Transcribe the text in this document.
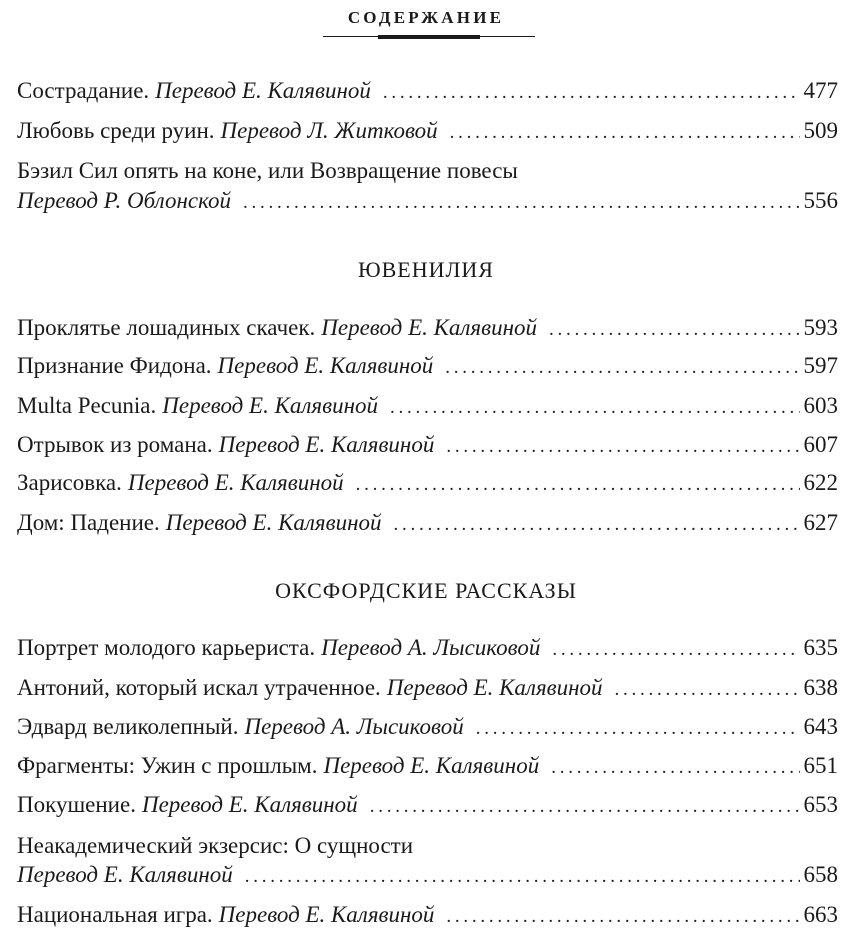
СОДЕРЖАНИЕ
Сострадание. Перевод Е. Калявиной . . .	477
Любовь среди руин. Перевод Л. Житковой . . .	509
Бэзил Сил опять на коне, или Возвращение повесы
Перевод Р. Облонской . . .	556
ЮВЕНИЛИЯ
Проклятье лошадиных скачек. Перевод Е. Калявиной . . .	593
Признание Фидона. Перевод Е. Калявиной . . .	597
Multa Pecunia. Перевод Е. Калявиной . . .	603
Отрывок из романа. Перевод Е. Калявиной . . .	607
Зарисовка. Перевод Е. Калявиной . . .	622
Дом: Падение. Перевод Е. Калявиной . . .	627
ОКСФОРДСКИЕ РАССКАЗЫ
Портрет молодого карьериста. Перевод А. Лысиковой . . .	635
Антоний, который искал утраченное. Перевод Е. Калявиной . . .	638
Эдвард великолепный. Перевод А. Лысиковой . . .	643
Фрагменты: Ужин с прошлым. Перевод Е. Калявиной . . .	651
Покушение. Перевод Е. Калявиной . . .	653
Неакадемический экзерсис: О сущности
Перевод Е. Калявиной . . .	658
Национальная игра. Перевод Е. Калявиной . . .	663
